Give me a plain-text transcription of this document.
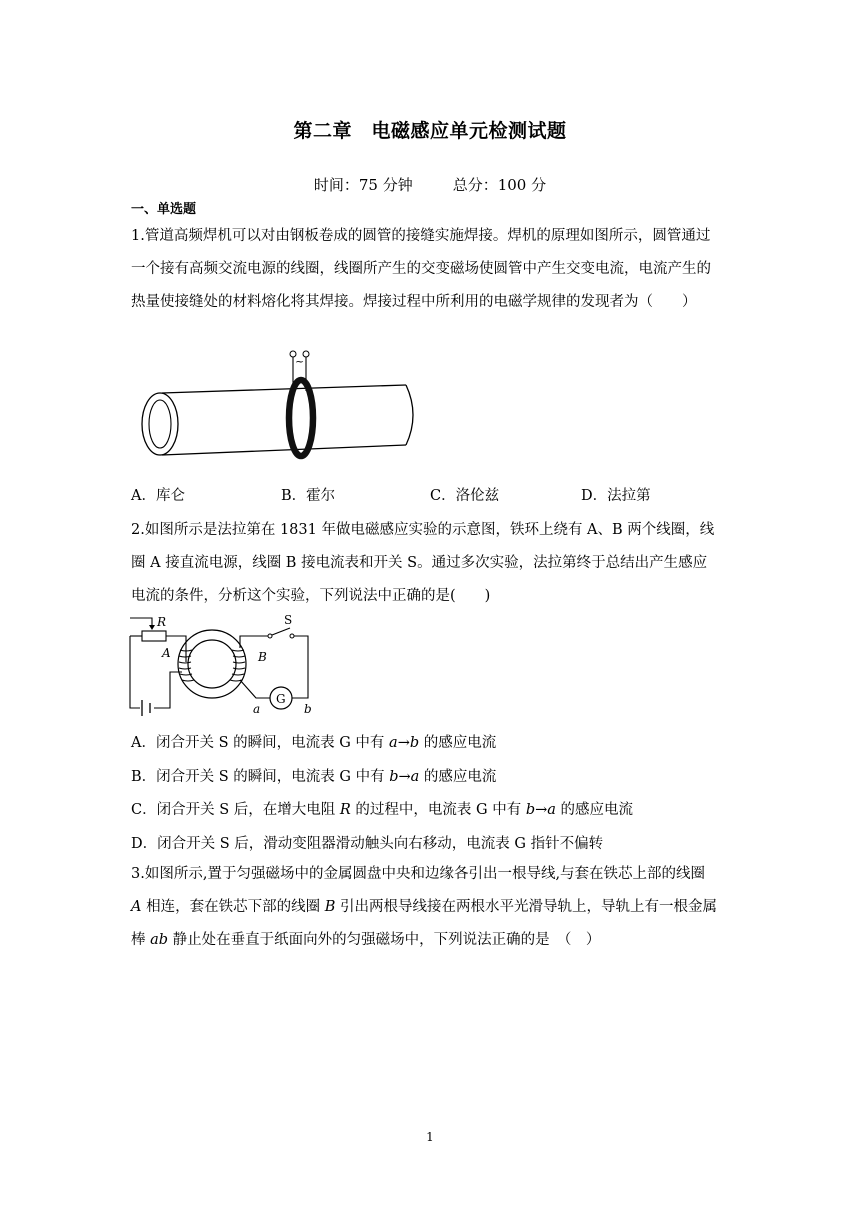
第二章　电磁感应单元检测试题
时间：75 分钟	总分：100 分
一、单选题
1.管道高频焊机可以对由钢板卷成的圆管的接缝实施焊接。焊机的原理如图所示，圆管通过
一个接有高频交流电源的线圈，线圈所产生的交变磁场使圆管中产生交变电流，电流产生的
热量使接缝处的材料熔化将其焊接。焊接过程中所利用的电磁学规律的发现者为（　　）
~
A．库仑	B．霍尔	C．洛伦兹	D．法拉第
2.如图所示是法拉第在 1831 年做电磁感应实验的示意图，铁环上绕有 A、B 两个线圈，线
圈 A 接直流电源，线圈 B 接电流表和开关 S。通过多次实验，法拉第终于总结出产生感应
电流的条件，分析这个实验，下列说法中正确的是(　　)
R
A	B
S
G
a	b
A．闭合开关 S 的瞬间，电流表 G 中有 a→b 的感应电流
B．闭合开关 S 的瞬间，电流表 G 中有 b→a 的感应电流
C．闭合开关 S 后，在增大电阻 R 的过程中，电流表 G 中有 b→a 的感应电流
D．闭合开关 S 后，滑动变阻器滑动触头向右移动，电流表 G 指针不偏转
3.如图所示,置于匀强磁场中的金属圆盘中央和边缘各引出一根导线,与套在铁芯上部的线圈
A 相连，套在铁芯下部的线圈 B 引出两根导线接在两根水平光滑导轨上，导轨上有一根金属
棒 ab 静止处在垂直于纸面向外的匀强磁场中，下列说法正确的是　（　）
1
